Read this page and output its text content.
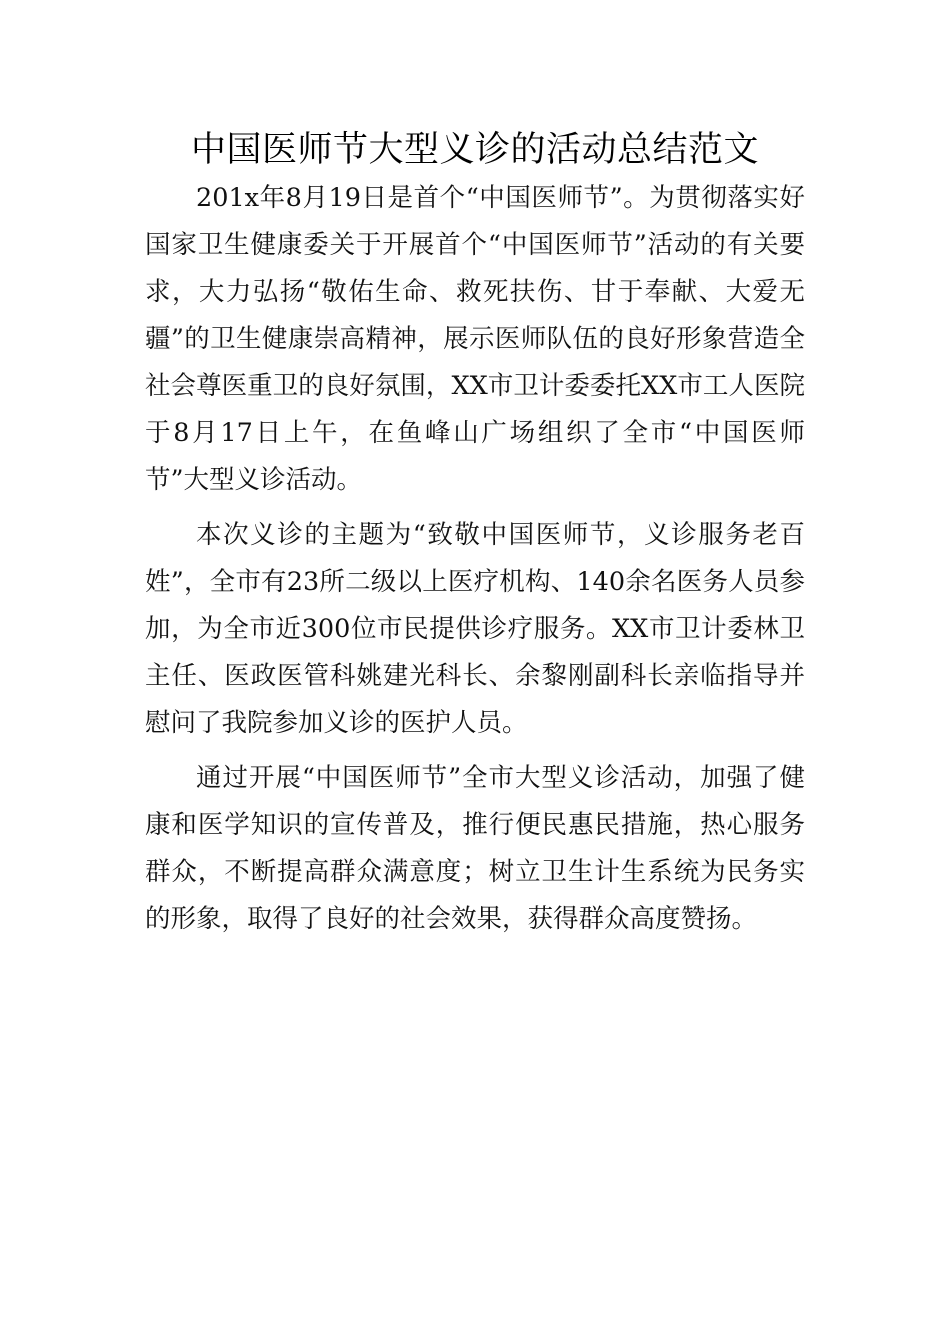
中国医师节大型义诊的活动总结范文

201x年8月19日是首个“中国医师节”。为贯彻落实好国家卫生健康委关于开展首个“中国医师节”活动的有关要求，大力弘扬“敬佑生命、救死扶伤、甘于奉献、大爱无疆”的卫生健康崇高精神，展示医师队伍的良好形象营造全社会尊医重卫的良好氛围，XX市卫计委委托XX市工人医院于8月17日上午，在鱼峰山广场组织了全市“中国医师节”大型义诊活动。

本次义诊的主题为“致敬中国医师节，义诊服务老百姓”，全市有23所二级以上医疗机构、140余名医务人员参加，为全市近300位市民提供诊疗服务。XX市卫计委林卫主任、医政医管科姚建光科长、余黎刚副科长亲临指导并慰问了我院参加义诊的医护人员。

通过开展“中国医师节”全市大型义诊活动，加强了健康和医学知识的宣传普及，推行便民惠民措施，热心服务群众，不断提高群众满意度；树立卫生计生系统为民务实的形象，取得了良好的社会效果，获得群众高度赞扬。
